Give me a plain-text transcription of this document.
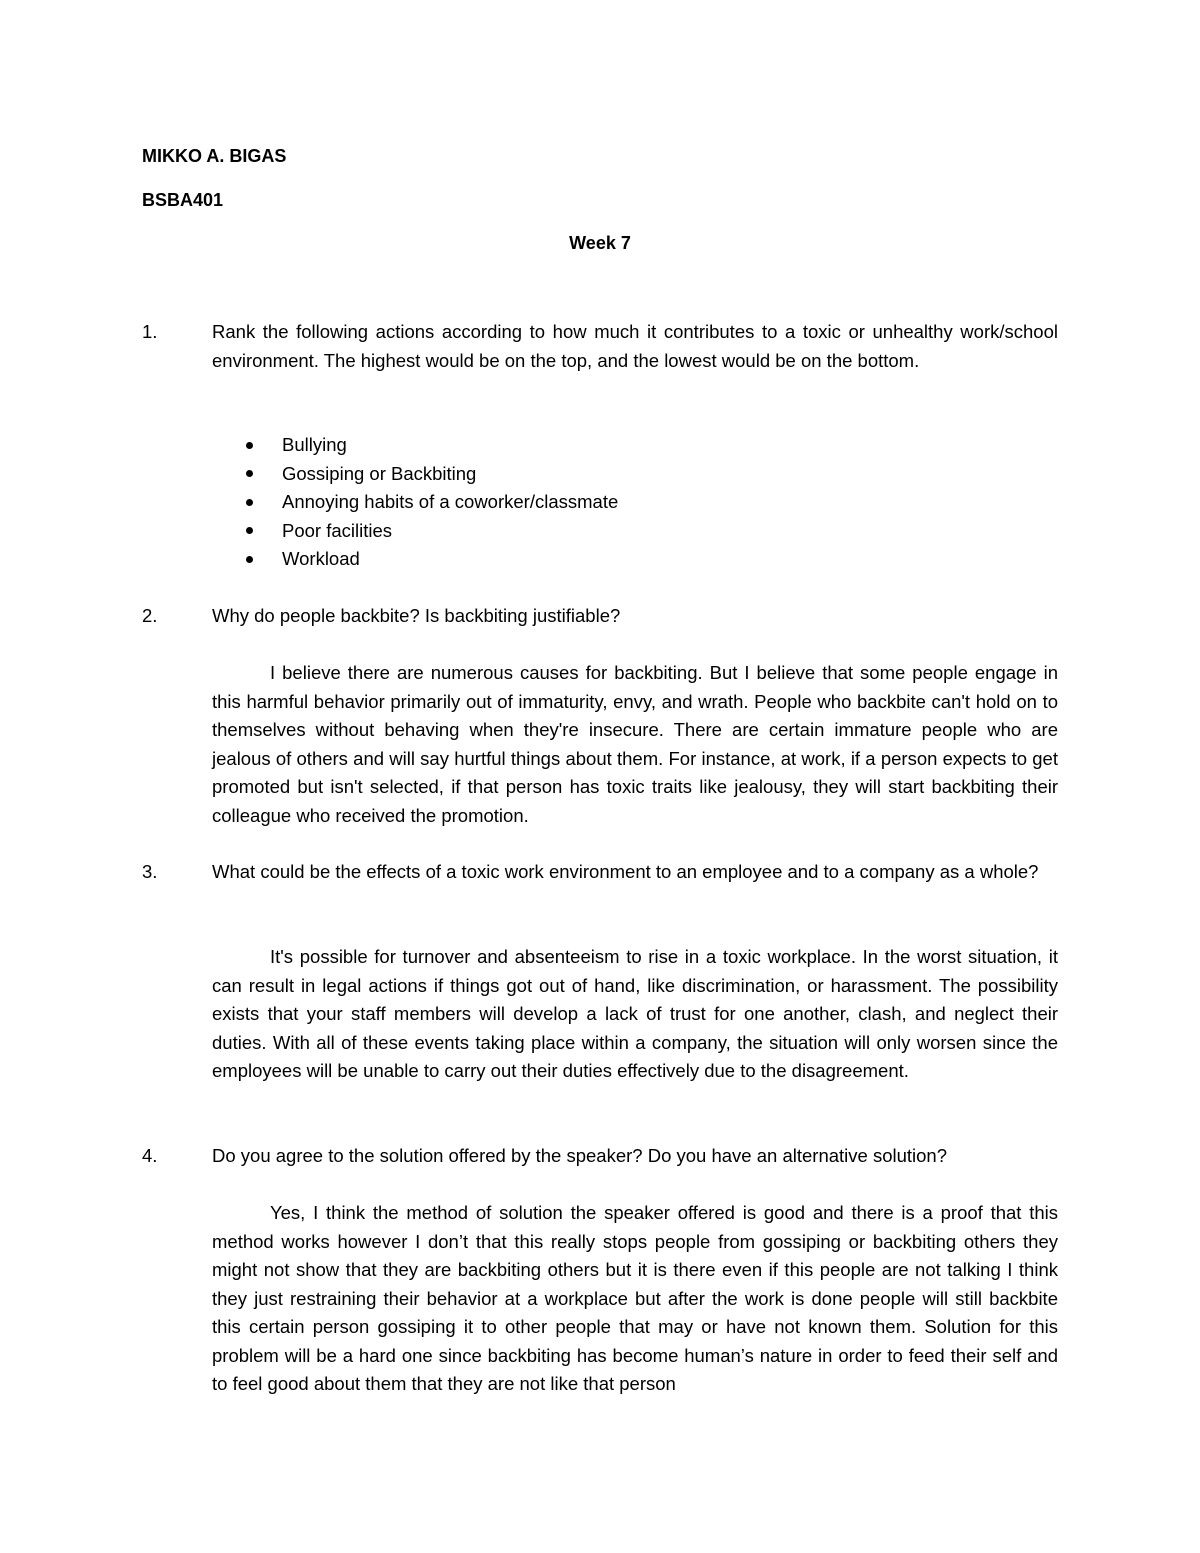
MIKKO A. BIGAS
BSBA401
Week 7
1.	Rank the following actions according to how much it contributes to a toxic or unhealthy work/school environment. The highest would be on the top, and the lowest would be on the bottom.
Bullying
Gossiping or Backbiting
Annoying habits of a coworker/classmate
Poor facilities
Workload
2.	Why do people backbite? Is backbiting justifiable?

I believe there are numerous causes for backbiting. But I believe that some people engage in this harmful behavior primarily out of immaturity, envy, and wrath. People who backbite can't hold on to themselves without behaving when they're insecure. There are certain immature people who are jealous of others and will say hurtful things about them. For instance, at work, if a person expects to get promoted but isn't selected, if that person has toxic traits like jealousy, they will start backbiting their colleague who received the promotion.

3.	What could be the effects of a toxic work environment to an employee and to a company as a whole?

It's possible for turnover and absenteeism to rise in a toxic workplace. In the worst situation, it can result in legal actions if things got out of hand, like discrimination, or harassment. The possibility exists that your staff members will develop a lack of trust for one another, clash, and neglect their duties. With all of these events taking place within a company, the situation will only worsen since the employees will be unable to carry out their duties effectively due to the disagreement.

4.	Do you agree to the solution offered by the speaker? Do you have an alternative solution?

Yes, I think the method of solution the speaker offered is good and there is a proof that this method works however I don’t that this really stops people from gossiping or backbiting others they might not show that they are backbiting others but it is there even if this people are not talking I think they just restraining their behavior at a workplace but after the work is done people will still backbite this certain person gossiping it to other people that may or have not known them. Solution for this problem will be a hard one since backbiting has become human’s nature in order to feed their self and to feel good about them that they are not like that person
